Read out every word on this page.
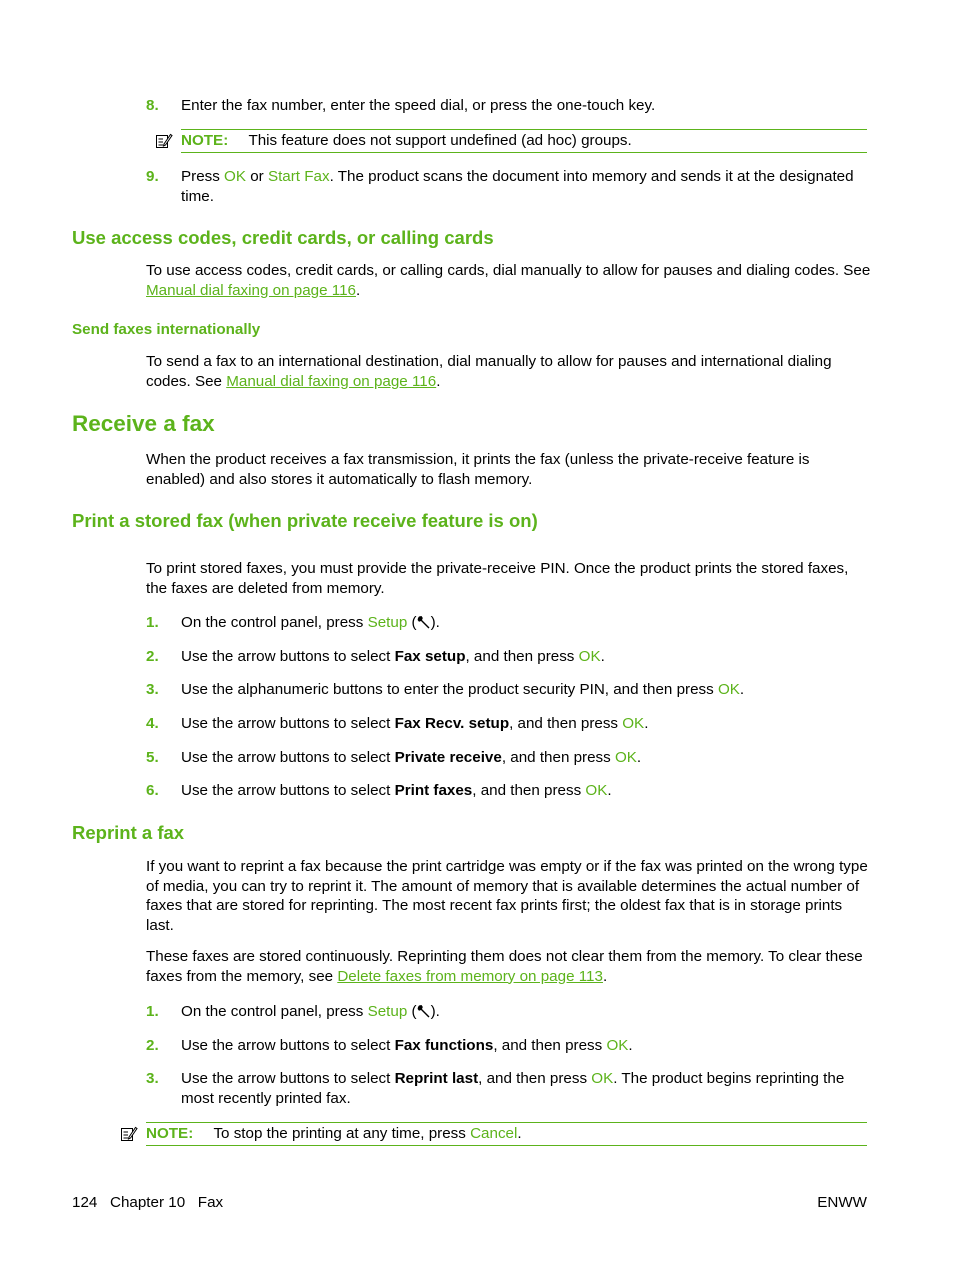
8. Enter the fax number, enter the speed dial, or press the one-touch key.
NOTE: This feature does not support undefined (ad hoc) groups.
9. Press OK or Start Fax. The product scans the document into memory and sends it at the designated time.
Use access codes, credit cards, or calling cards
To use access codes, credit cards, or calling cards, dial manually to allow for pauses and dialing codes. See Manual dial faxing on page 116.
Send faxes internationally
To send a fax to an international destination, dial manually to allow for pauses and international dialing codes. See Manual dial faxing on page 116.
Receive a fax
When the product receives a fax transmission, it prints the fax (unless the private-receive feature is enabled) and also stores it automatically to flash memory.
Print a stored fax (when private receive feature is on)
To print stored faxes, you must provide the private-receive PIN. Once the product prints the stored faxes, the faxes are deleted from memory.
1. On the control panel, press Setup ( ).
2. Use the arrow buttons to select Fax setup, and then press OK.
3. Use the alphanumeric buttons to enter the product security PIN, and then press OK.
4. Use the arrow buttons to select Fax Recv. setup, and then press OK.
5. Use the arrow buttons to select Private receive, and then press OK.
6. Use the arrow buttons to select Print faxes, and then press OK.
Reprint a fax
If you want to reprint a fax because the print cartridge was empty or if the fax was printed on the wrong type of media, you can try to reprint it. The amount of memory that is available determines the actual number of faxes that are stored for reprinting. The most recent fax prints first; the oldest fax that is in storage prints last.
These faxes are stored continuously. Reprinting them does not clear them from the memory. To clear these faxes from the memory, see Delete faxes from memory on page 113.
1. On the control panel, press Setup ( ).
2. Use the arrow buttons to select Fax functions, and then press OK.
3. Use the arrow buttons to select Reprint last, and then press OK. The product begins reprinting the most recently printed fax.
NOTE: To stop the printing at any time, press Cancel.
124   Chapter 10   Fax	ENWW
